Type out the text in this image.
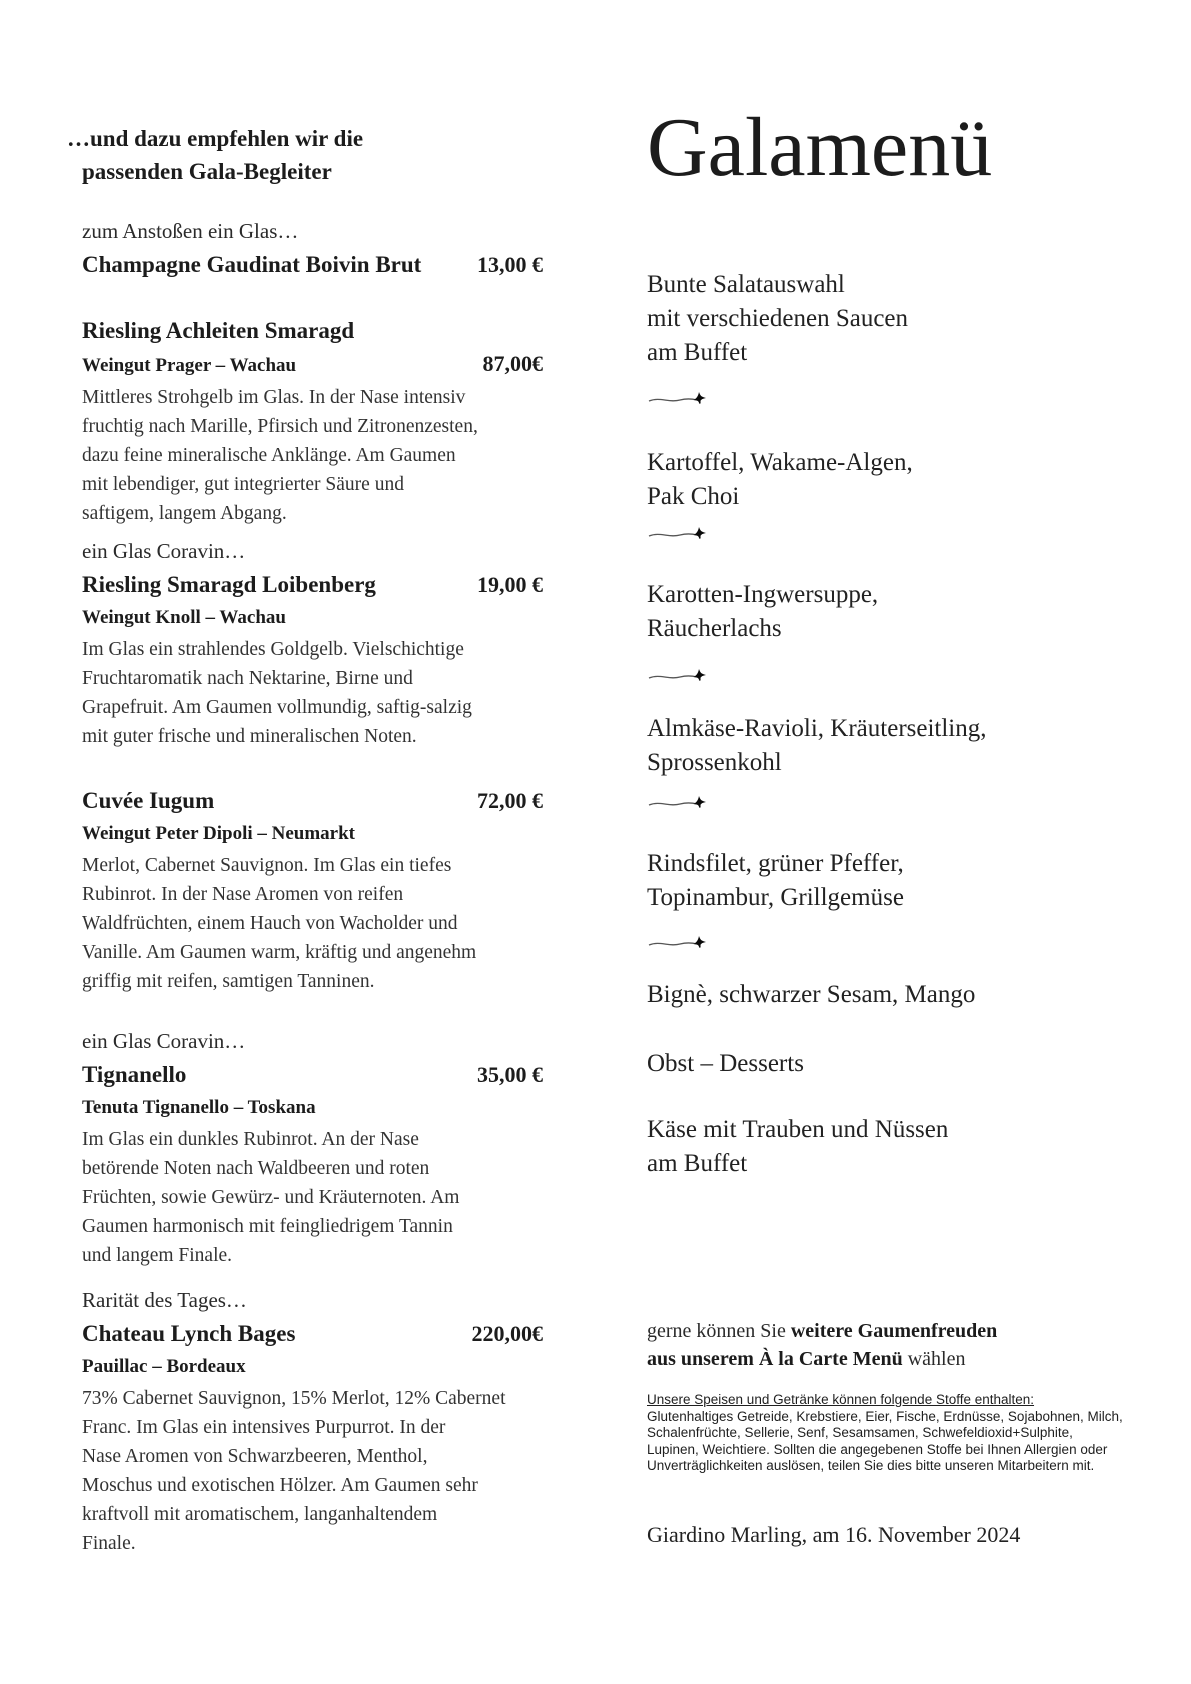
…und dazu empfehlen wir die
passenden Gala-Begleiter
zum Anstoßen ein Glas…
Champagne Gaudinat Boivin Brut	13,00 €
Riesling Achleiten Smaragd
Weingut Prager – Wachau	87,00€
Mittleres Strohgelb im Glas. In der Nase intensiv
fruchtig nach Marille, Pfirsich und Zitronenzesten,
dazu feine mineralische Anklänge. Am Gaumen
mit lebendiger, gut integrierter Säure und
saftigem, langem Abgang.
ein Glas Coravin…
Riesling Smaragd Loibenberg	19,00 €
Weingut Knoll – Wachau
Im Glas ein strahlendes Goldgelb. Vielschichtige
Fruchtaromatik nach Nektarine, Birne und
Grapefruit. Am Gaumen vollmundig, saftig-salzig
mit guter frische und mineralischen Noten.
Cuvée Iugum	72,00 €
Weingut Peter Dipoli – Neumarkt
Merlot, Cabernet Sauvignon. Im Glas ein tiefes
Rubinrot. In der Nase Aromen von reifen
Waldfrüchten, einem Hauch von Wacholder und
Vanille. Am Gaumen warm, kräftig und angenehm
griffig mit reifen, samtigen Tanninen.
ein Glas Coravin…
Tignanello	35,00 €
Tenuta Tignanello – Toskana
Im Glas ein dunkles Rubinrot. An der Nase
betörende Noten nach Waldbeeren und roten
Früchten, sowie Gewürz- und Kräuternoten. Am
Gaumen harmonisch mit feingliedrigem Tannin
und langem Finale.
Rarität des Tages…
Chateau Lynch Bages	220,00€
Pauillac – Bordeaux
73% Cabernet Sauvignon, 15% Merlot, 12% Cabernet
Franc. Im Glas ein intensives Purpurrot. In der
Nase Aromen von Schwarzbeeren, Menthol,
Moschus und exotischen Hölzer. Am Gaumen sehr
kraftvoll mit aromatischem, langanhaltendem
Finale.
Galamenü
Bunte Salatauswahl
mit verschiedenen Saucen
am Buffet
Kartoffel, Wakame-Algen,
Pak Choi
Karotten-Ingwersuppe,
Räucherlachs
Almkäse-Ravioli, Kräuterseitling,
Sprossenkohl
Rindsfilet, grüner Pfeffer,
Topinambur, Grillgemüse
Bignè, schwarzer Sesam, Mango
Obst – Desserts
Käse mit Trauben und Nüssen
am Buffet
gerne können Sie weitere Gaumenfreuden
aus unserem À la Carte Menü wählen
Unsere Speisen und Getränke können folgende Stoffe enthalten:
Glutenhaltiges Getreide, Krebstiere, Eier, Fische, Erdnüsse, Sojabohnen, Milch,
Schalenfrüchte, Sellerie, Senf, Sesamsamen, Schwefeldioxid+Sulphite,
Lupinen, Weichtiere. Sollten die angegebenen Stoffe bei Ihnen Allergien oder
Unverträglichkeiten auslösen, teilen Sie dies bitte unseren Mitarbeitern mit.
Giardino Marling, am 16. November 2024
